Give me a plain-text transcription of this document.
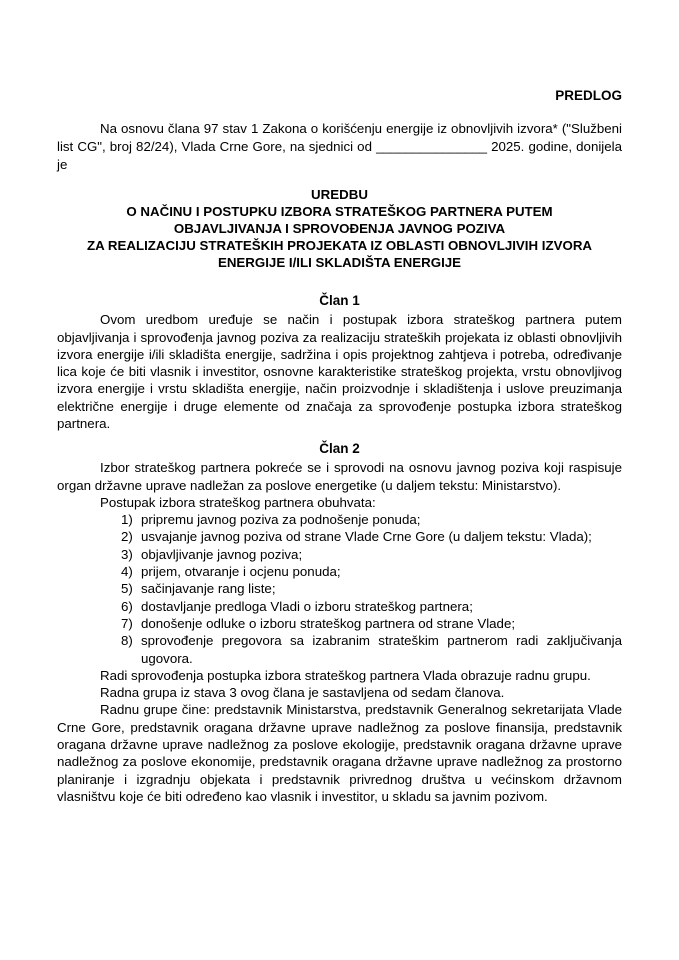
PREDLOG

Na osnovu člana 97 stav 1 Zakona o korišćenju energije iz obnovljivih izvora* ("Službeni list CG", broj 82/24), Vlada Crne Gore, na sjednici od _______________ 2025. godine, donijela je

UREDBU
O NAČINU I POSTUPKU IZBORA STRATEŠKOG PARTNERA PUTEM
OBJAVLJIVANJA I SPROVOĐENJA JAVNOG POZIVA
ZA REALIZACIJU STRATEŠKIH PROJEKATA IZ OBLASTI OBNOVLJIVIH IZVORA
ENERGIJE I/ILI SKLADIŠTA ENERGIJE
Član 1

Ovom uredbom uređuje se način i postupak izbora strateškog partnera putem objavljivanja i sprovođenja javnog poziva za realizaciju strateških projekata iz oblasti obnovljivih izvora energije i/ili skladišta energije, sadržina i opis projektnog zahtjeva i potreba, određivanje lica koje će biti vlasnik i investitor, osnovne karakteristike strateškog projekta, vrstu obnovljivog izvora energije i vrstu skladišta energije, način proizvodnje i skladištenja i uslove preuzimanja električne energije i druge elemente od značaja za sprovođenje postupka izbora strateškog partnera.

Član 2

Izbor strateškog partnera pokreće se i sprovodi na osnovu javnog poziva koji raspisuje organ državne uprave nadležan za poslove energetike (u daljem tekstu: Ministarstvo).

Postupak izbora strateškog partnera obuhvata:

1) pripremu javnog poziva za podnošenje ponuda;
2) usvajanje javnog poziva od strane Vlade Crne Gore (u daljem tekstu: Vlada);
3) objavljivanje javnog poziva;
4) prijem, otvaranje i ocjenu ponuda;
5) sačinjavanje rang liste;
6) dostavljanje predloga Vladi o izboru strateškog partnera;
7) donošenje odluke o izboru strateškog partnera od strane Vlade;
8) sprovođenje pregovora sa izabranim strateškim partnerom radi zaključivanja ugovora.

Radi sprovođenja postupka izbora strateškog partnera Vlada obrazuje radnu grupu.

Radna grupa iz stava 3 ovog člana je sastavljena od sedam članova.

Radnu grupe čine: predstavnik Ministarstva, predstavnik Generalnog sekretarijata Vlade Crne Gore, predstavnik oragana državne uprave nadležnog za poslove finansija, predstavnik oragana državne uprave nadležnog za poslove ekologije, predstavnik oragana državne uprave nadležnog za poslove ekonomije, predstavnik oragana državne uprave nadležnog za prostorno planiranje i izgradnju objekata i predstavnik privrednog društva u većinskom državnom vlasništvu koje će biti određeno kao vlasnik i investitor, u skladu sa javnim pozivom.
